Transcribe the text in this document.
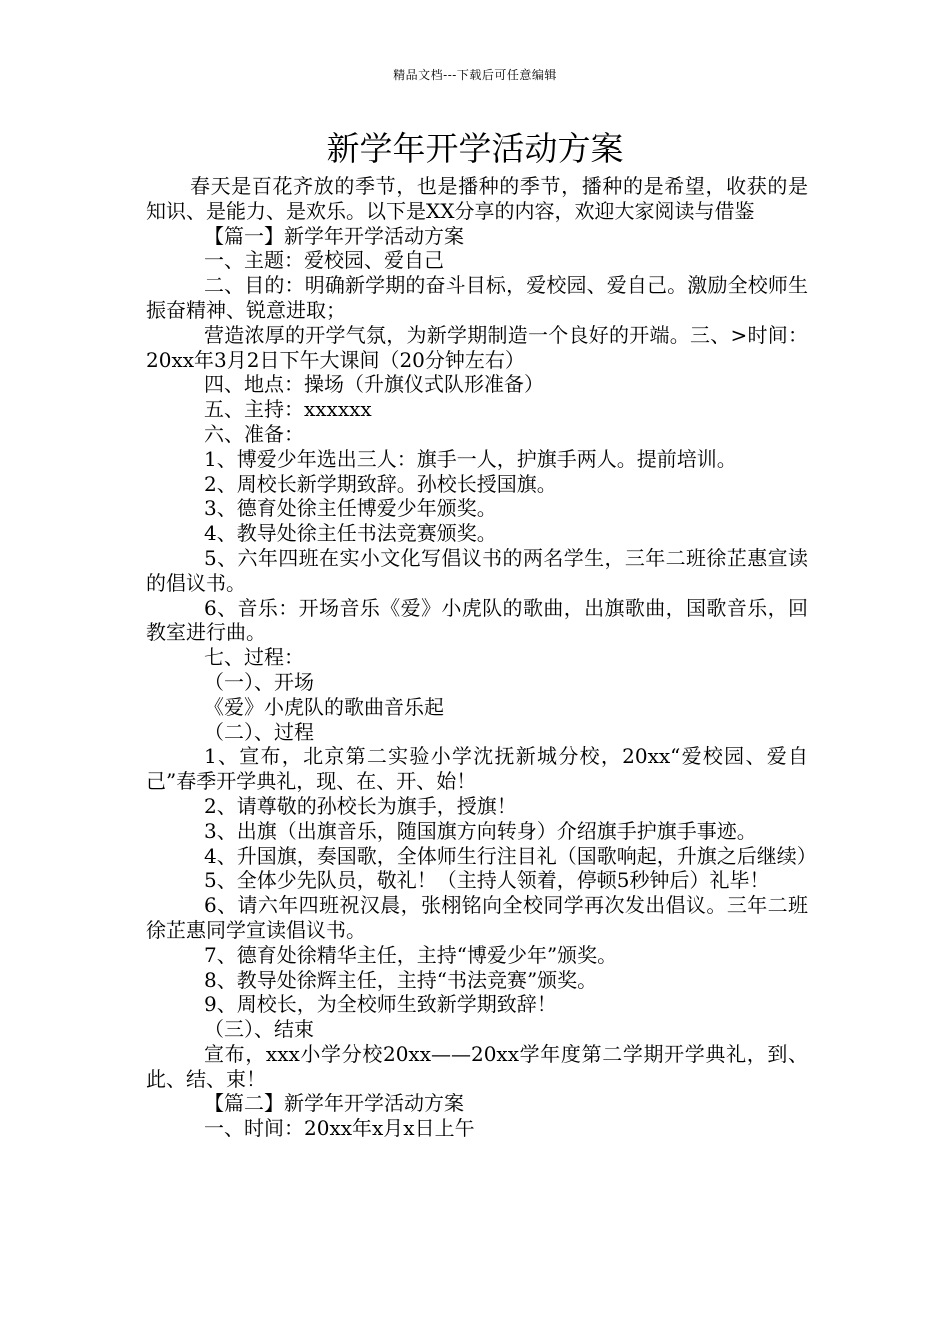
精品文档---下载后可任意编辑
新学年开学活动方案

春天是百花齐放的季节，也是播种的季节，播种的是希望，收获的是知识、是能力、是欢乐。以下是XX分享的内容，欢迎大家阅读与借鉴

【篇一】新学年开学活动方案

一、主题：爱校园、爱自己

二、目的：明确新学期的奋斗目标，爱校园、爱自己。激励全校师生振奋精神、锐意进取；

营造浓厚的开学气氛，为新学期制造一个良好的开端。三、>时间：20xx年3月2日下午大课间（20分钟左右）

四、地点：操场（升旗仪式队形准备）

五、主持：xxxxxx

六、准备：

1、博爱少年选出三人：旗手一人，护旗手两人。提前培训。

2、周校长新学期致辞。孙校长授国旗。

3、德育处徐主任博爱少年颁奖。

4、教导处徐主任书法竞赛颁奖。

5、六年四班在实小文化写倡议书的两名学生，三年二班徐芷惠宣读的倡议书。

6、音乐：开场音乐《爱》小虎队的歌曲，出旗歌曲，国歌音乐，回教室进行曲。

七、过程：

（一）、开场

《爱》小虎队的歌曲音乐起

（二）、过程

1、宣布，北京第二实验小学沈抚新城分校，20xx“爱校园、爱自己”春季开学典礼，现、在、开、始！

2、请尊敬的孙校长为旗手，授旗！

3、出旗（出旗音乐，随国旗方向转身）介绍旗手护旗手事迹。

4、升国旗，奏国歌，全体师生行注目礼（国歌响起，升旗之后继续）

5、全体少先队员，敬礼！（主持人领着，停顿5秒钟后）礼毕！

6、请六年四班祝汉晨，张栩铭向全校同学再次发出倡议。三年二班徐芷惠同学宣读倡议书。

7、德育处徐精华主任，主持“博爱少年”颁奖。

8、教导处徐辉主任，主持“书法竞赛”颁奖。

9、周校长，为全校师生致新学期致辞！

（三）、结束

宣布，xxx小学分校20xx——20xx学年度第二学期开学典礼，到、此、结、束！

【篇二】新学年开学活动方案

一、时间：20xx年x月x日上午
